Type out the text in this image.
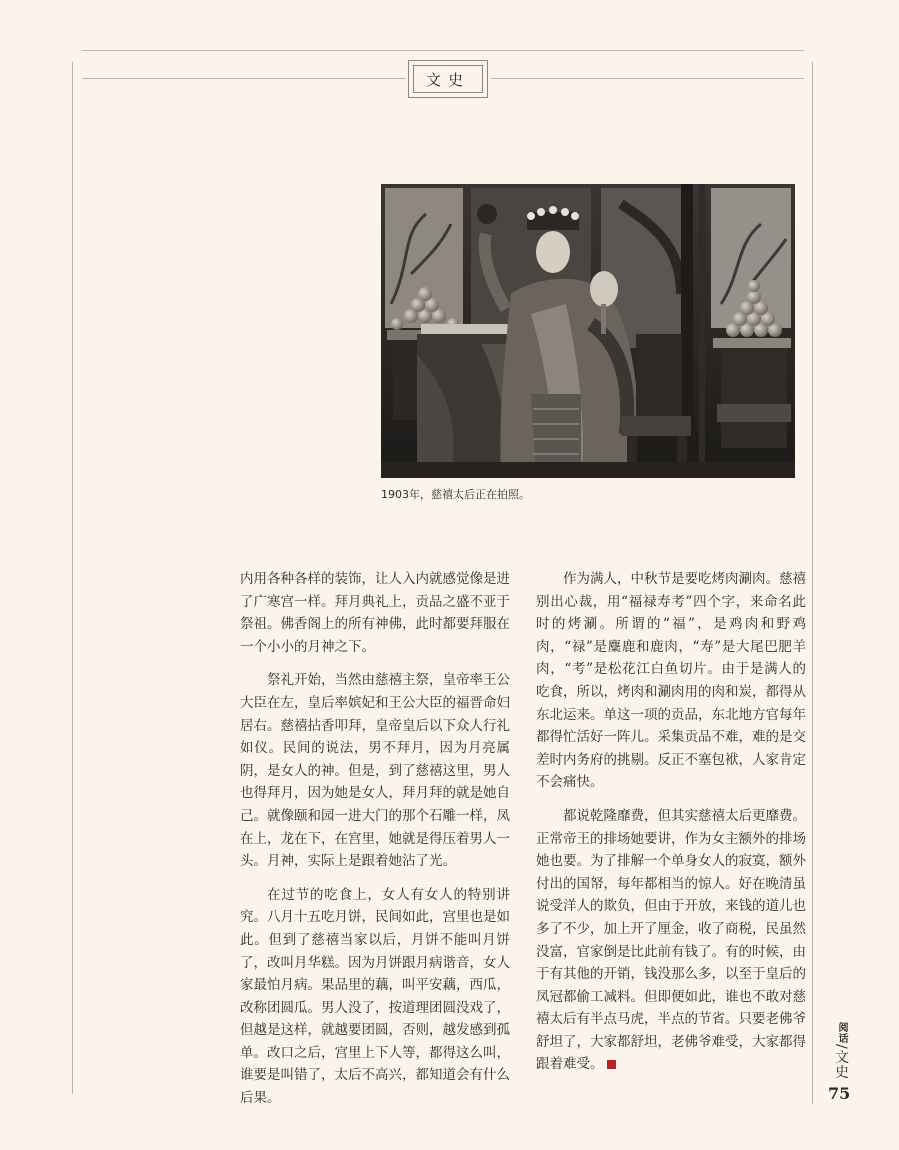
文史
1903年，慈禧太后正在拍照。

内用各种各样的装饰，让人入内就感觉像是进了广寒宫一样。拜月典礼上，贡品之盛不亚于祭祖。佛香阁上的所有神佛，此时都要拜服在一个小小的月神之下。

祭礼开始，当然由慈禧主祭，皇帝率王公大臣在左，皇后率嫔妃和王公大臣的福晋命妇居右。慈禧拈香叩拜，皇帝皇后以下众人行礼如仪。民间的说法，男不拜月，因为月亮属阴，是女人的神。但是，到了慈禧这里，男人也得拜月，因为她是女人，拜月拜的就是她自己。就像颐和园一进大门的那个石雕一样，凤在上，龙在下，在宫里，她就是得压着男人一头。月神，实际上是跟着她沾了光。

在过节的吃食上，女人有女人的特别讲究。八月十五吃月饼，民间如此，宫里也是如此。但到了慈禧当家以后，月饼不能叫月饼了，改叫月华糕。因为月饼跟月病谐音，女人家最怕月病。果品里的藕，叫平安藕，西瓜，改称团圆瓜。男人没了，按道理团圆没戏了，但越是这样，就越要团圆，否则，越发感到孤单。改口之后，宫里上下人等，都得这么叫，谁要是叫错了，太后不高兴，都知道会有什么后果。

作为满人，中秋节是要吃烤肉涮肉。慈禧别出心裁，用“福禄寿考”四个字，来命名此时的烤涮。所谓的“福”，是鸡肉和野鸡肉，“禄”是麋鹿和鹿肉，“寿”是大尾巴肥羊肉，“考”是松花江白鱼切片。由于是满人的吃食，所以，烤肉和涮肉用的肉和炭，都得从东北运来。单这一项的贡品，东北地方官每年都得忙活好一阵儿。采集贡品不难，难的是交差时内务府的挑剔。反正不塞包袱，人家肯定不会痛快。

都说乾隆靡费，但其实慈禧太后更靡费。正常帝王的排场她要讲，作为女主额外的排场她也要。为了排解一个单身女人的寂寞，额外付出的国帑，每年都相当的惊人。好在晚清虽说受洋人的欺负，但由于开放，来钱的道儿也多了不少，加上开了厘金，收了商税，民虽然没富，官家倒是比此前有钱了。有的时候，由于有其他的开销，钱没那么多，以至于皇后的凤冠都偷工减料。但即便如此，谁也不敢对慈禧太后有半点马虎，半点的节省。只要老佛爷舒坦了，大家都舒坦，老佛爷难受，大家都得跟着难受。

阅话/文史
75
